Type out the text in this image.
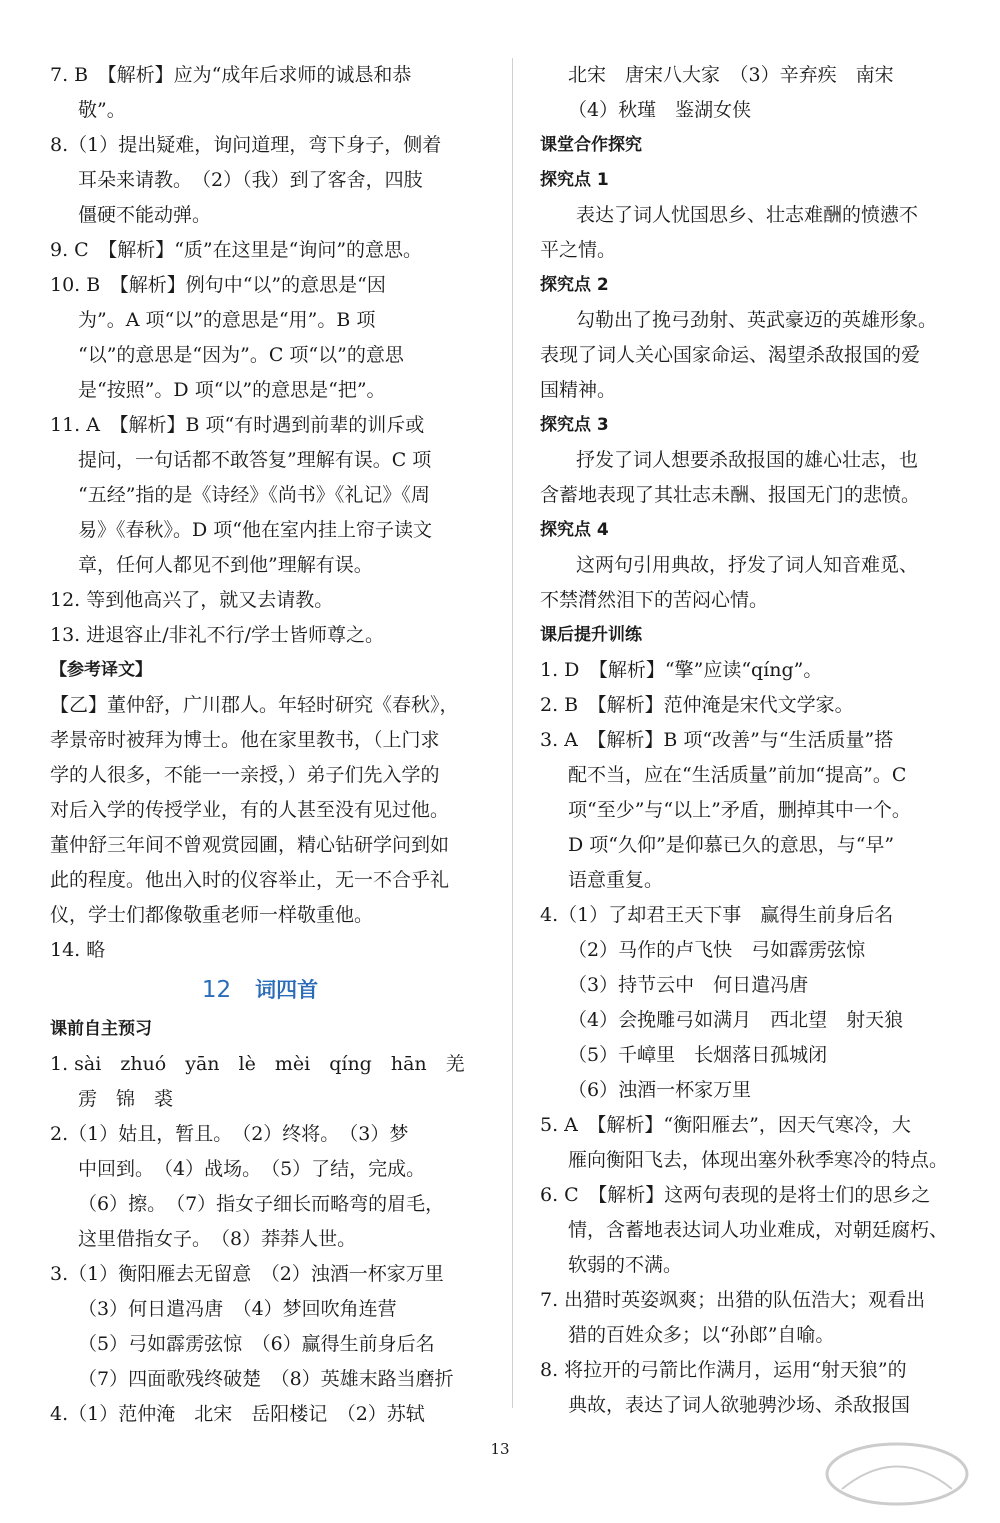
7. B　【解析】应为“成年后求师的诚恳和恭
敬”。
8.（1）提出疑难，询问道理，弯下身子，侧着
耳朵来请教。　（2）（我）到了客舍，四肢
僵硬不能动弹。
9. C　【解析】“质”在这里是“询问”的意思。
10. B　【解析】例句中“以”的意思是“因
为”。A 项“以”的意思是“用”。B 项
“以”的意思是“因为”。C 项“以”的意思
是“按照”。D 项“以”的意思是“把”。
11. A　【解析】B 项“有时遇到前辈的训斥或
提问，一句话都不敢答复”理解有误。C 项
“五经”指的是《诗经》《尚书》《礼记》《周
易》《春秋》。D 项“他在室内挂上帘子读文
章，任何人都见不到他”理解有误。
12. 等到他高兴了，就又去请教。
13. 进退容止/非礼不行/学士皆师尊之。
【参考译文】
【乙】董仲舒，广川郡人。年轻时研究《春秋》，
孝景帝时被拜为博士。他在家里教书，（上门求
学的人很多，不能一一亲授，）弟子们先入学的
对后入学的传授学业，有的人甚至没有见过他。
董仲舒三年间不曾观赏园圃，精心钻研学问到如
此的程度。他出入时的仪容举止，无一不合乎礼
仪，学士们都像敬重老师一样敬重他。
14. 略
12 词四首
课前自主预习
1. sài　zhuó　yān　lè　mèi　qíng　hān　羌
雳　锦　裘
2.（1）姑且，暂且。　（2）终将。　（3）梦
中回到。　（4）战场。　（5）了结，完成。
（6）擦。　（7）指女子细长而略弯的眉毛，
这里借指女子。　（8）莽莽人世。
3.（1）衡阳雁去无留意　（2）浊酒一杯家万里
（3）何日遣冯唐　（4）梦回吹角连营
（5）弓如霹雳弦惊　（6）赢得生前身后名
（7）四面歌残终破楚　（8）英雄末路当磨折
4.（1）范仲淹　北宋　岳阳楼记　（2）苏轼
北宋　唐宋八大家　（3）辛弃疾　南宋
（4）秋瑾　鉴湖女侠
课堂合作探究
探究点 1
表达了词人忧国思乡、壮志难酬的愤懑不
平之情。
探究点 2
勾勒出了挽弓劲射、英武豪迈的英雄形象。
表现了词人关心国家命运、渴望杀敌报国的爱
国精神。
探究点 3
抒发了词人想要杀敌报国的雄心壮志，也
含蓄地表现了其壮志未酬、报国无门的悲愤。
探究点 4
这两句引用典故，抒发了词人知音难觅、
不禁潸然泪下的苦闷心情。
课后提升训练
1. D　【解析】“擎”应读“qíng”。
2. B　【解析】范仲淹是宋代文学家。
3. A　【解析】B 项“改善”与“生活质量”搭
配不当，应在“生活质量”前加“提高”。C
项“至少”与“以上”矛盾，删掉其中一个。
D 项“久仰”是仰慕已久的意思，与“早”
语意重复。
4.（1）了却君王天下事　赢得生前身后名
（2）马作的卢飞快　弓如霹雳弦惊
（3）持节云中　何日遣冯唐
（4）会挽雕弓如满月　西北望　射天狼
（5）千嶂里　长烟落日孤城闭
（6）浊酒一杯家万里
5. A　【解析】“衡阳雁去”，因天气寒冷，大
雁向衡阳飞去，体现出塞外秋季寒冷的特点。
6. C　【解析】这两句表现的是将士们的思乡之
情，含蓄地表达词人功业难成，对朝廷腐朽、
软弱的不满。
7. 出猎时英姿飒爽；出猎的队伍浩大；观看出
猎的百姓众多；以“孙郎”自喻。
8. 将拉开的弓箭比作满月，运用“射天狼”的
典故，表达了词人欲驰骋沙场、杀敌报国
13
